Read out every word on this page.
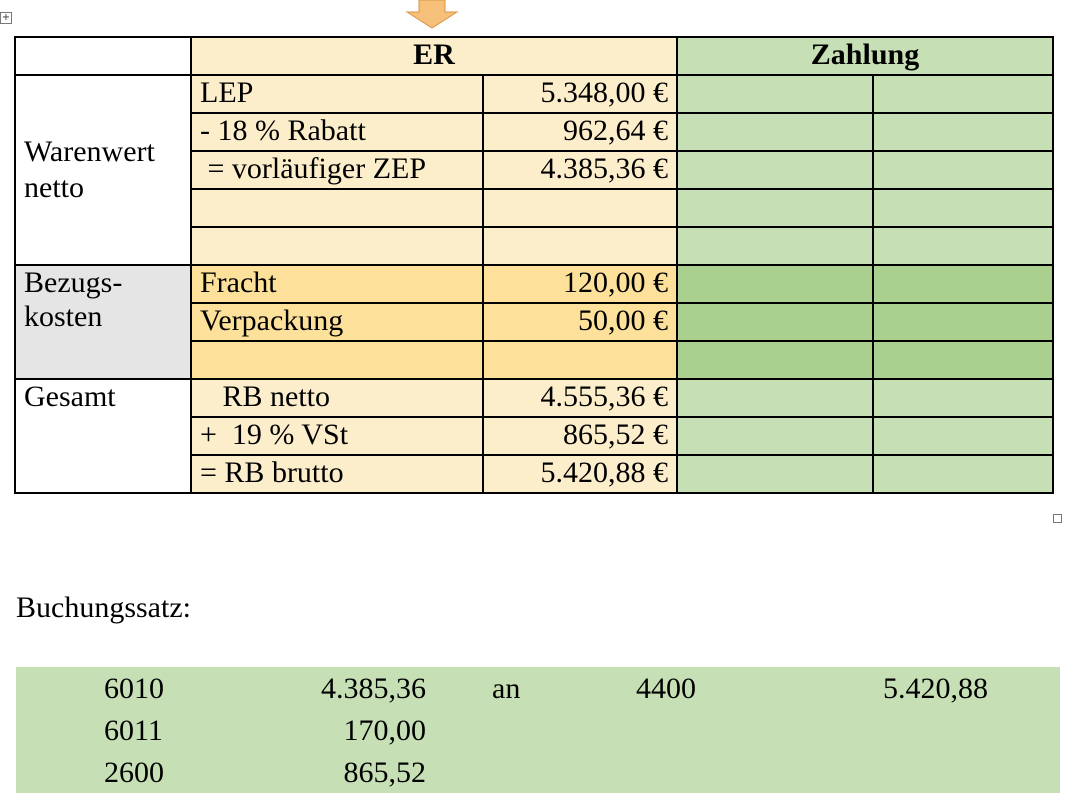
+
	ER		Zahlung	
Warenwert netto	LEP	5.348,00 €		
	- 18 % Rabatt	962,64 €		
	= vorläufiger ZEP	4.385,36 €		

Bezugs- kosten	Fracht	120,00 €		
	Verpackung	50,00 €		

Gesamt	RB netto	4.555,36 €		
	+  19 % VSt	865,52 €		
	= RB brutto	5.420,88 €		
Buchungssatz:
6010	4.385,36 an	4400	5.420,88
6011	170,00
2600	865,52
